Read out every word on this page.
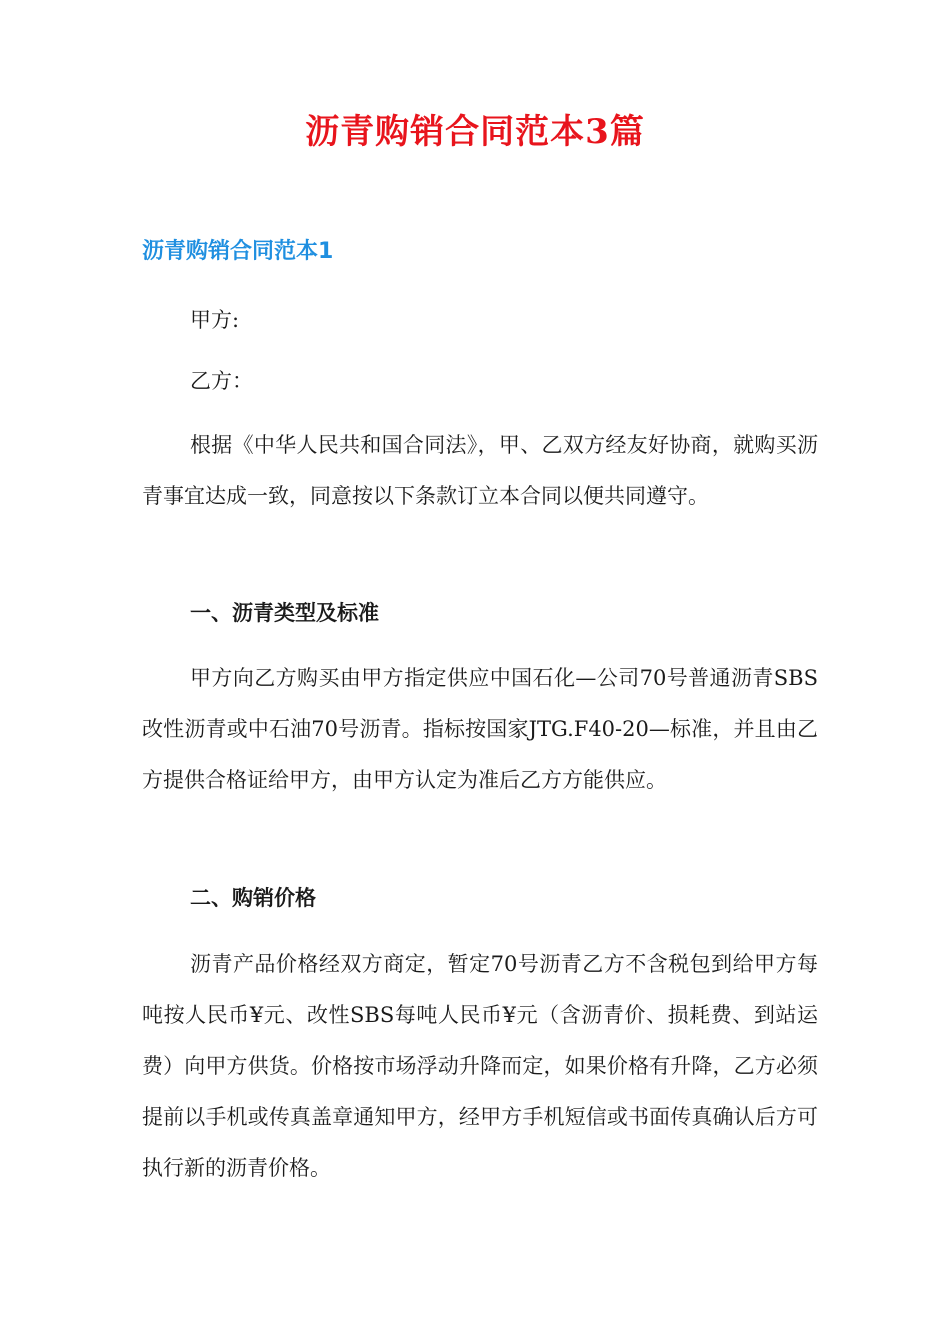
沥青购销合同范本3篇
沥青购销合同范本1

甲方:

乙方：

根据《中华人民共和国合同法》，甲、乙双方经友好协商，就购买沥青事宜达成一致，同意按以下条款订立本合同以便共同遵守。

一、沥青类型及标准

甲方向乙方购买由甲方指定供应中国石化—公司70号普通沥青SBS改性沥青或中石油70号沥青。指标按国家JTG.F40-20—标准，并且由乙方提供合格证给甲方，由甲方认定为准后乙方方能供应。

二、购销价格

沥青产品价格经双方商定，暂定70号沥青乙方不含税包到给甲方每吨按人民币¥元、改性SBS每吨人民币¥元（含沥青价、损耗费、到站运费）向甲方供货。价格按市场浮动升降而定，如果价格有升降，乙方必须提前以手机或传真盖章通知甲方，经甲方手机短信或书面传真确认后方可执行新的沥青价格。
